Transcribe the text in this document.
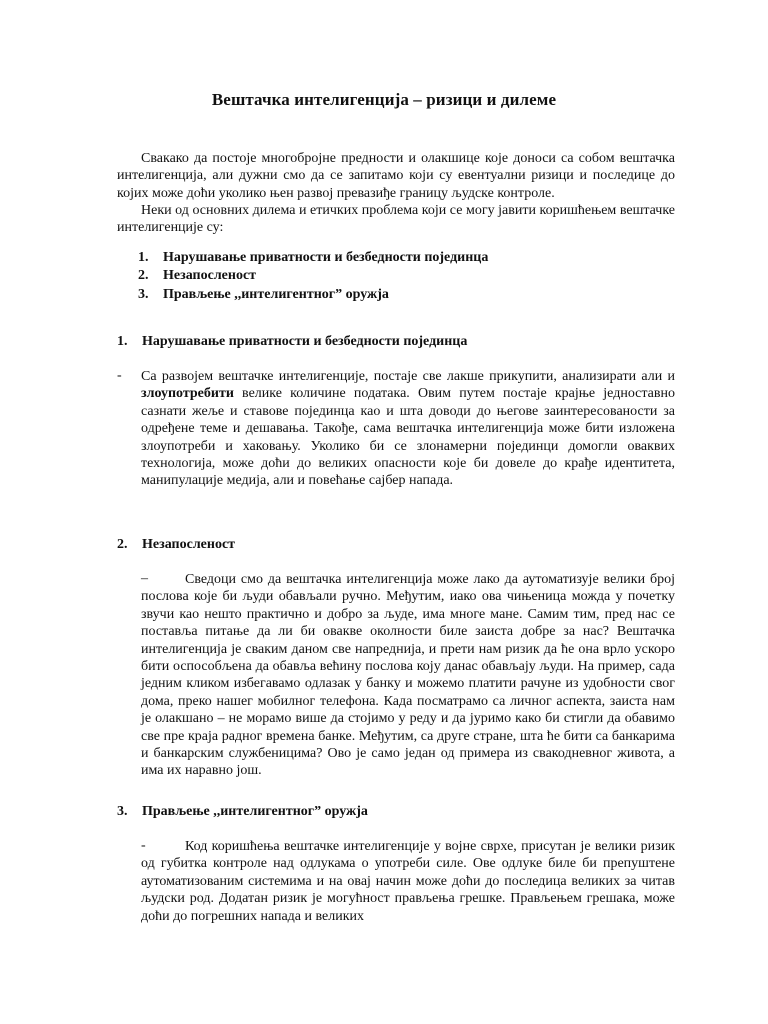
Вештачка интелигенција – ризици и дилеме

Свакако да постоје многобројне предности и олакшице које доноси са собом вештачка интелигенција, али дужни смо да се запитамо који су евентуални ризици и последице до којих може доћи уколико њен развој превазиђе границу људске контроле.

Неки од основних дилема и етичких проблема који се могу јавити коришћењем вештачке интелигенције су:

1.	Нарушавање приватности и безбедности појединца
2.	Незапосленост
3.	Прављење ,,интелигентног” оружја
1.	Нарушавање приватности и безбедности појединца
- Са развојем вештачке интелигенције, постаје све лакше прикупити, анализирати али и злоупотребити велике количине података. Овим путем постаје крајње једноставно сазнати жеље и ставове појединца као и шта доводи до његове заинтересованости за одређене теме и дешавања. Такође, сама вештачка интелигенција може бити изложена злоупотреби и хаковању. Уколико би се злонамерни појединци домогли оваквих технологија, може доћи до великих опасности које би довеле до крађе идентитета, манипулације медија, али и повећање сајбер напада.

2.	Незапосленост
–	Сведоци смо да вештачка интелигенција може лако да аутоматизује велики број послова које би људи обављали ручно. Међутим, иако ова чињеница можда у почетку звучи као нешто практично и добро за људе, има многе мане. Самим тим, пред нас се поставља питање да ли би овакве околности биле заиста добре за нас? Вештачка интелигенција је сваким даном све напреднија, и прети нам ризик да ће она врло ускоро бити оспособљена да обавља већину послова коју данас обављају људи. На пример, сада једним кликом избегавамо одлазак у банку и можемо платити рачуне из удобности свог дома, преко нашег мобилног телефона. Када посматрамо са личног аспекта, заиста нам је олакшано – не морамо више да стојимо у реду и да јуримо како би стигли да обавимо све пре краја радног времена банке. Међутим, са друге стране, шта ће бити са банкарима и банкарским службеницима? Ово је само један од примера из свакодневног живота, а има их наравно још.

3.	Прављење ,,интелигентног” оружја
-	Код коришћења вештачке интелигенције у војне сврхе, присутан је велики ризик од губитка контроле над одлукама о употреби силе. Ове одлуке биле би препуштене аутоматизованим системима и на овај начин може доћи до последица великих за читав људски род. Додатан ризик је могућност прављења грешке. Прављењем грешака, може доћи до погрешних напада и великих
